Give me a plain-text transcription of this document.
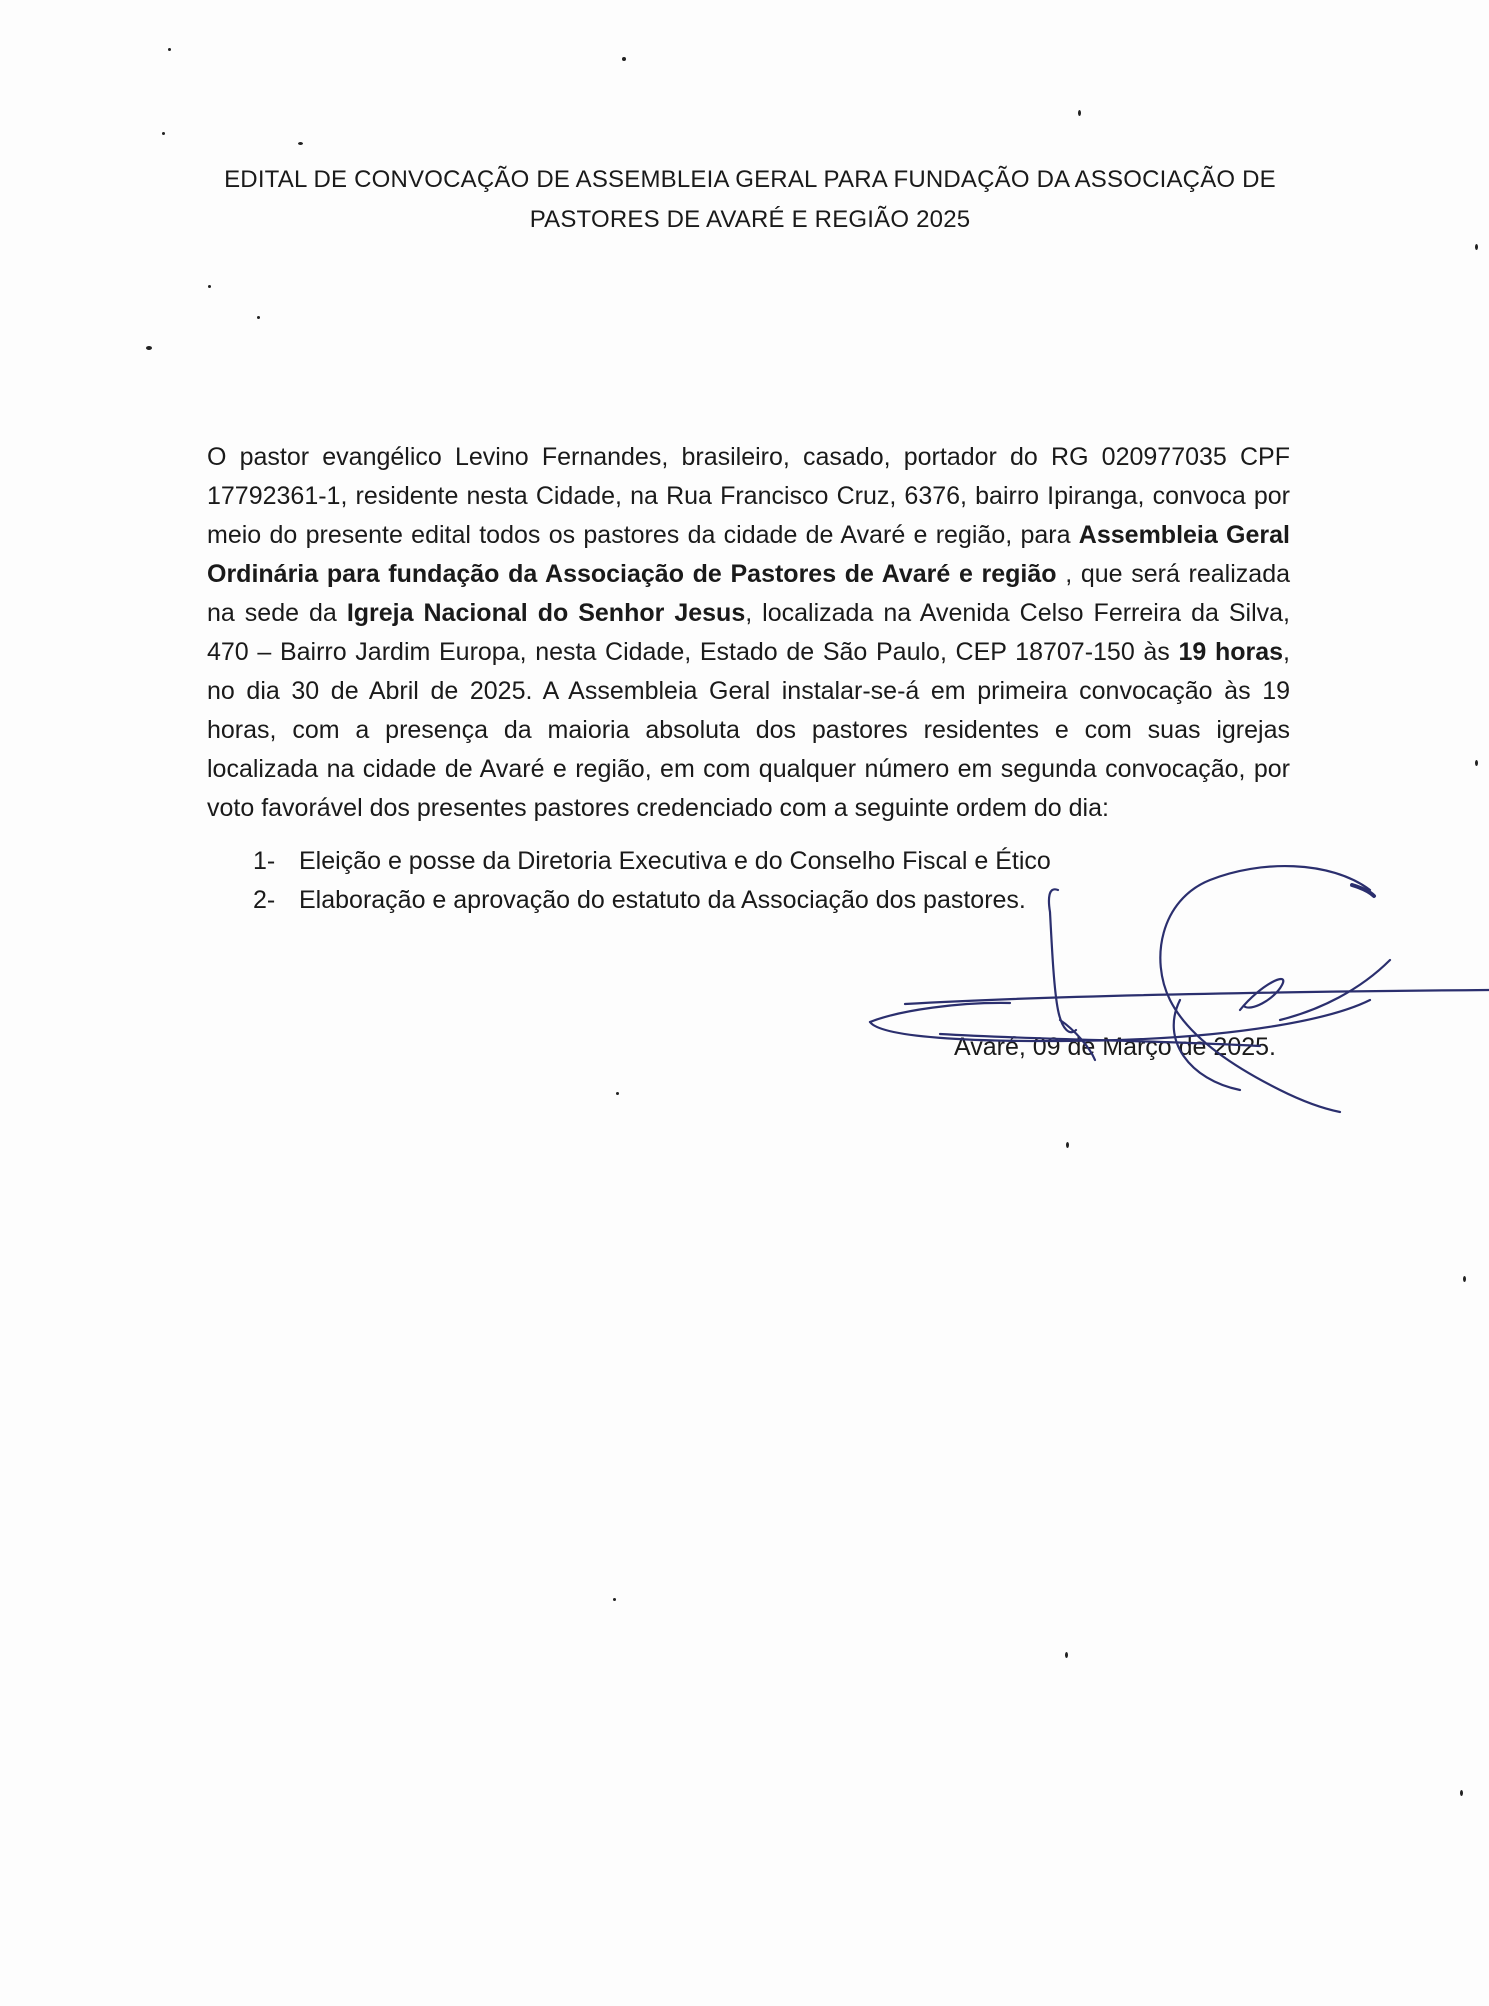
EDITAL DE CONVOCAÇÃO DE ASSEMBLEIA GERAL PARA FUNDAÇÃO DA ASSOCIAÇÃO DE
PASTORES DE AVARÉ E REGIÃO 2025
O pastor evangélico Levino Fernandes, brasileiro, casado, portador do RG 020977035 CPF 17792361-1, residente nesta Cidade, na Rua Francisco Cruz, 6376, bairro Ipiranga, convoca por meio do presente edital todos os pastores da cidade de Avaré e região, para Assembleia Geral Ordinária para fundação da Associação de Pastores de Avaré e região , que será realizada na sede da Igreja Nacional do Senhor Jesus, localizada na Avenida Celso Ferreira da Silva, 470 – Bairro Jardim Europa, nesta Cidade, Estado de São Paulo, CEP 18707-150 às 19 horas, no dia 30 de Abril de 2025. A Assembleia Geral instalar-se-á em primeira convocação às 19 horas, com a presença da maioria absoluta dos pastores residentes e com suas igrejas localizada na cidade de Avaré e região, em com qualquer número em segunda convocação, por voto favorável dos presentes pastores credenciado com a seguinte ordem do dia:
1- Eleição e posse da Diretoria Executiva e do Conselho Fiscal e Ético
2- Elaboração e aprovação do estatuto da Associação dos pastores.
Avaré, 09 de Março de 2025.
